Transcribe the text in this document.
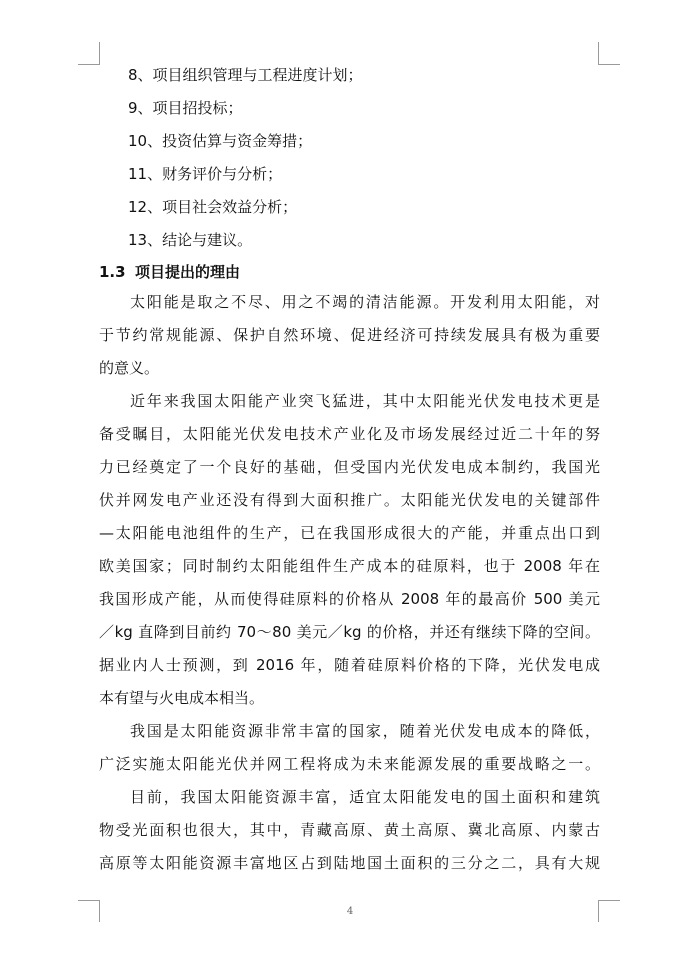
8、项目组织管理与工程进度计划；
9、项目招投标；
10、投资估算与资金筹措；
11、财务评价与分析；
12、项目社会效益分析；
13、结论与建议。
1.3 项目提出的理由
太阳能是取之不尽、用之不竭的清洁能源。开发利用太阳能，对
于节约常规能源、保护自然环境、促进经济可持续发展具有极为重要
的意义。
近年来我国太阳能产业突飞猛进，其中太阳能光伏发电技术更是
备受瞩目，太阳能光伏发电技术产业化及市场发展经过近二十年的努
力已经奠定了一个良好的基础，但受国内光伏发电成本制约，我国光
伏并网发电产业还没有得到大面积推广。太阳能光伏发电的关键部件
—太阳能电池组件的生产，已在我国形成很大的产能，并重点出口到
欧美国家；同时制约太阳能组件生产成本的硅原料，也于 2008 年在
我国形成产能，从而使得硅原料的价格从 2008 年的最高价 500 美元
／kg 直降到目前约 70～80 美元／kg 的价格，并还有继续下降的空间。
据业内人士预测，到 2016 年，随着硅原料价格的下降，光伏发电成
本有望与火电成本相当。
我国是太阳能资源非常丰富的国家，随着光伏发电成本的降低，
广泛实施太阳能光伏并网工程将成为未来能源发展的重要战略之一。
目前，我国太阳能资源丰富，适宜太阳能发电的国土面积和建筑
物受光面积也很大，其中，青藏高原、黄土高原、冀北高原、内蒙古
高原等太阳能资源丰富地区占到陆地国土面积的三分之二，具有大规
4
